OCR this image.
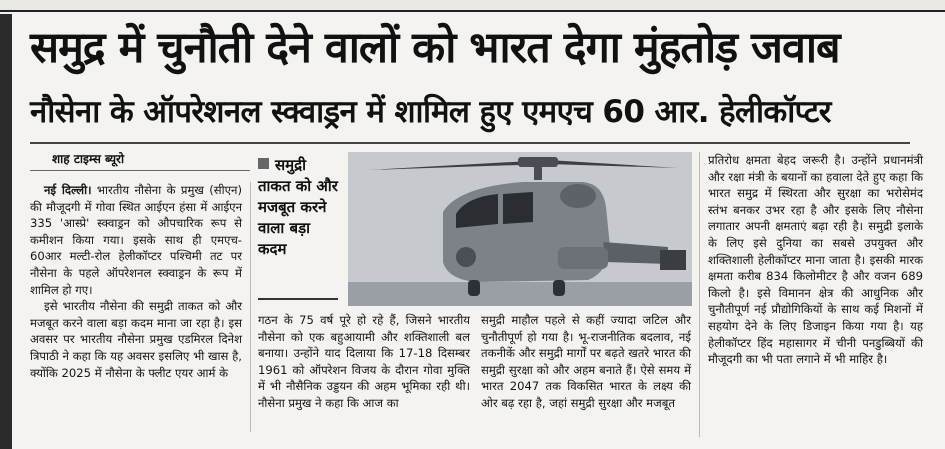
समुद्र में चुनौती देने वालों को भारत देगा मुंहतोड़ जवाब
नौसेना के ऑपरेशनल स्क्वाड्रन में शामिल हुए एमएच 60 आर. हेलीकॉप्टर
शाह टाइम्स ब्यूरो

नई दिल्ली। भारतीय नौसेना के प्रमुख (सीएन) की मौजूदगी में गोवा स्थित आईएन हंसा में आईएन 335 'आस्प्रे' स्क्वाड्रन को औपचारिक रूप से कमीशन किया गया। इसके साथ ही एमएच- 60आर मल्टी-रोल हेलीकॉप्टर पश्चिमी तट पर नौसेना के पहले ऑपरेशनल स्क्वाड्रन के रूप में शामिल हो गए।

इसे भारतीय नौसेना की समुद्री ताकत को और मजबूत करने वाला बड़ा कदम माना जा रहा है। इस अवसर पर भारतीय नौसेना प्रमुख एडमिरल दिनेश त्रिपाठी ने कहा कि यह अवसर इसलिए भी खास है, क्योंकि 2025 में नौसेना के फ्लीट एयर आर्म के

समुद्री ताकत को और मजबूत करने वाला बड़ा कदम

गठन के 75 वर्ष पूरे हो रहे हैं, जिसने भारतीय नौसेना को एक बहुआयामी और शक्तिशाली बल बनाया। उन्होंने याद दिलाया कि 17-18 दिसम्बर 1961 को ऑपरेशन विजय के दौरान गोवा मुक्ति में भी नौसैनिक उड्डयन की अहम भूमिका रही थी। नौसेना प्रमुख ने कहा कि आज का

समुद्री माहौल पहले से कहीं ज्यादा जटिल और चुनौतीपूर्ण हो गया है। भू-राजनीतिक बदलाव, नई तकनीकें और समुद्री मार्गों पर बढ़ते खतरे भारत की समुद्री सुरक्षा को और अहम बनाते हैं। ऐसे समय में भारत 2047 तक विकसित भारत के लक्ष्य की ओर बढ़ रहा है, जहां समुद्री सुरक्षा और मजबूत

प्रतिरोध क्षमता बेहद जरूरी है। उन्होंने प्रधानमंत्री और रक्षा मंत्री के बयानों का हवाला देते हुए कहा कि भारत समुद्र में स्थिरता और सुरक्षा का भरोसेमंद स्तंभ बनकर उभर रहा है और इसके लिए नौसेना लगातार अपनी क्षमताएं बढ़ा रही है। समुद्री इलाके के लिए इसे दुनिया का सबसे उपयुक्त और शक्तिशाली हेलीकॉप्टर माना जाता है। इसकी मारक क्षमता करीब 834 किलोमीटर है और वजन 689 किलो है। इसे विमानन क्षेत्र की आधुनिक और चुनौतीपूर्ण नई प्रौद्योगिकियों के साथ कई मिशनों में सहयोग देने के लिए डिजाइन किया गया है। यह हेलीकॉप्टर हिंद महासागर में चीनी पनडुब्बियों की मौजूदगी का भी पता लगाने में भी माहिर है।
